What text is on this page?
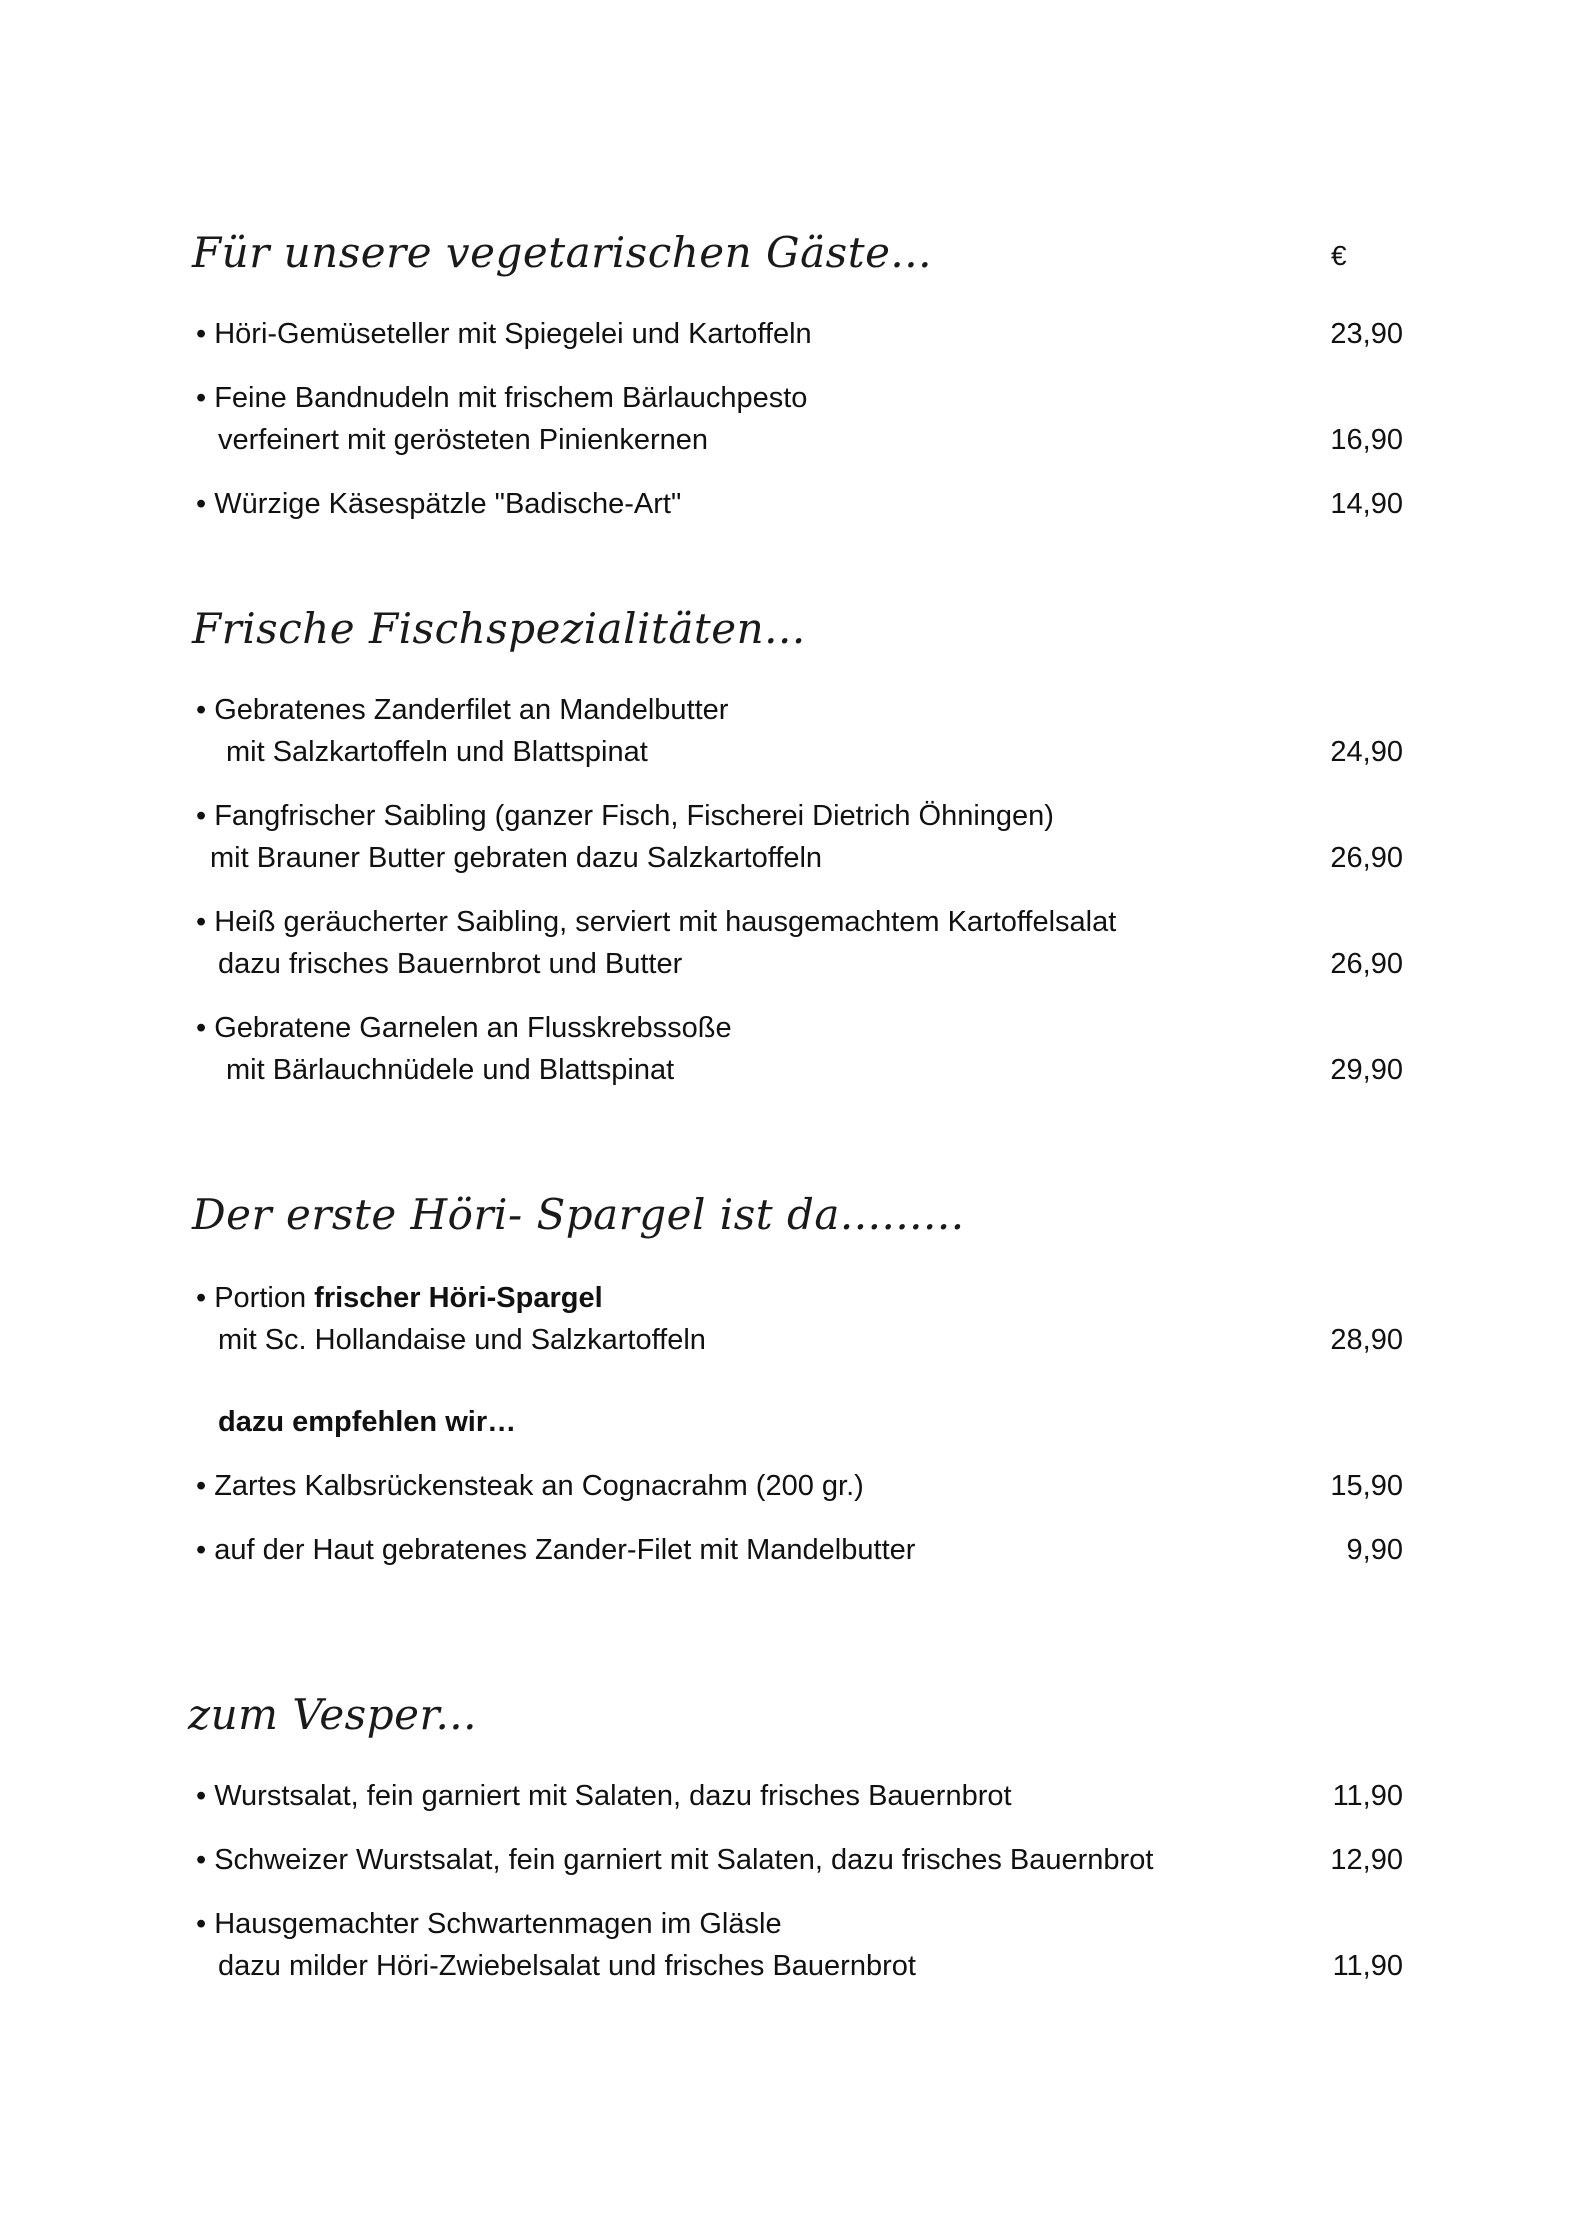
Für unsere vegetarischen Gäste...	€
• Höri-Gemüseteller mit Spiegelei und Kartoffeln	23,90
• Feine Bandnudeln mit frischem Bärlauchpesto
verfeinert mit gerösteten Pinienkernen	16,90
• Würzige Käsespätzle "Badische-Art"	14,90
Frische Fischspezialitäten...
• Gebratenes Zanderfilet an Mandelbutter
mit Salzkartoffeln und Blattspinat	24,90
• Fangfrischer Saibling (ganzer Fisch, Fischerei Dietrich Öhningen)
mit Brauner Butter gebraten dazu Salzkartoffeln	26,90
• Heiß geräucherter Saibling, serviert mit hausgemachtem Kartoffelsalat
dazu frisches Bauernbrot und Butter	26,90
• Gebratene Garnelen an Flusskrebssoße
mit Bärlauchnüdele und Blattspinat	29,90
Der erste Höri- Spargel ist da.........
• Portion frischer Höri-Spargel
mit Sc. Hollandaise und Salzkartoffeln	28,90
dazu empfehlen wir…
• Zartes Kalbsrückensteak an Cognacrahm (200 gr.)	15,90
• auf der Haut gebratenes Zander-Filet mit Mandelbutter	9,90
zum Vesper...
• Wurstsalat, fein garniert mit Salaten, dazu frisches Bauernbrot	11,90
• Schweizer Wurstsalat, fein garniert mit Salaten, dazu frisches Bauernbrot	12,90
• Hausgemachter Schwartenmagen im Gläsle
dazu milder Höri-Zwiebelsalat und frisches Bauernbrot	11,90
